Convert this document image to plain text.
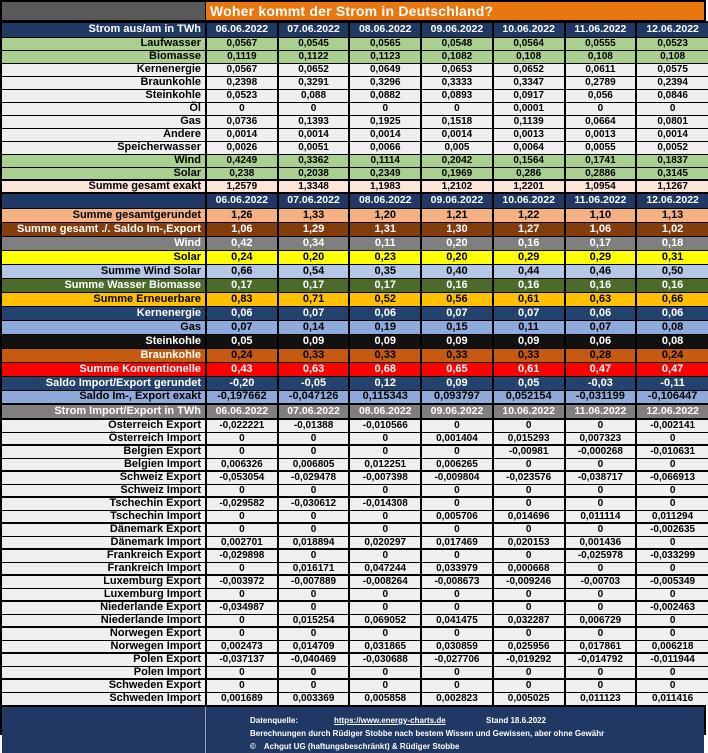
Woher kommt der Strom in Deutschland?
Strom aus/am in TWh	06.06.2022	07.06.2022	08.06.2022	09.06.2022	10.06.2022	11.06.2022	12.06.2022
Laufwasser	0,0567	0,0545	0,0565	0,0548	0,0564	0,0555	0,0523
Biomasse	0,1119	0,1122	0,1123	0,1082	0,108	0,108	0,108
Kernenergie	0,0567	0,0652	0,0649	0,0653	0,0652	0,0611	0,0575
Braunkohle	0,2398	0,3291	0,3296	0,3333	0,3347	0,2789	0,2394
Steinkohle	0,0523	0,088	0,0882	0,0893	0,0917	0,056	0,0846
Öl	0	0	0	0	0,0001	0	0
Gas	0,0736	0,1393	0,1925	0,1518	0,1139	0,0664	0,0801
Andere	0,0014	0,0014	0,0014	0,0014	0,0013	0,0013	0,0014
Speicherwasser	0,0026	0,0051	0,0066	0,005	0,0064	0,0055	0,0052
Wind	0,4249	0,3362	0,1114	0,2042	0,1564	0,1741	0,1837
Solar	0,238	0,2038	0,2349	0,1969	0,286	0,2886	0,3145
Summe gesamt exakt	1,2579	1,3348	1,1983	1,2102	1,2201	1,0954	1,1267
	06.06.2022	07.06.2022	08.06.2022	09.06.2022	10.06.2022	11.06.2022	12.06.2022
Summe gesamtgerundet	1,26	1,33	1,20	1,21	1,22	1,10	1,13
Summe gesamt ./. Saldo Im-,Export	1,06	1,29	1,31	1,30	1,27	1,06	1,02
Wind	0,42	0,34	0,11	0,20	0,16	0,17	0,18
Solar	0,24	0,20	0,23	0,20	0,29	0,29	0,31
Summe Wind Solar	0,66	0,54	0,35	0,40	0,44	0,46	0,50
Summe Wasser Biomasse	0,17	0,17	0,17	0,16	0,16	0,16	0,16
Summe Erneuerbare	0,83	0,71	0,52	0,56	0,61	0,63	0,66
Kernenergie	0,06	0,07	0,06	0,07	0,07	0,06	0,06
Gas	0,07	0,14	0,19	0,15	0,11	0,07	0,08
Steinkohle	0,05	0,09	0,09	0,09	0,09	0,06	0,08
Braunkohle	0,24	0,33	0,33	0,33	0,33	0,28	0,24
Summe Konventionelle	0,43	0,63	0,68	0,65	0,61	0,47	0,47
Saldo Import/Export gerundet	-0,20	-0,05	0,12	0,09	0,05	-0,03	-0,11
Saldo Im-, Export exakt	-0,197662	-0,047126	0,115343	0,093797	0,052154	-0,031199	-0,106447
Strom Import/Export in TWh	06.06.2022	07.06.2022	08.06.2022	09.06.2022	10.06.2022	11.06.2022	12.06.2022
Österreich Export	-0,022221	-0,01388	-0,010566	0	0	0	-0,002141
Österreich Import	0	0	0	0,001404	0,015293	0,007323	0
Belgien Export	0	0	0	0	-0,00981	-0,000268	-0,010631
Belgien Import	0,006326	0,006805	0,012251	0,006265	0	0	0
Schweiz Export	-0,053054	-0,029478	-0,007398	-0,009804	-0,023576	-0,038717	-0,066913
Schweiz Import	0	0	0	0	0	0	0
Tschechin Export	-0,029582	-0,030612	-0,014308	0	0	0	0
Tschechin Import	0	0	0	0,005706	0,014696	0,011114	0,011294
Dänemark Export	0	0	0	0	0	0	-0,002635
Dänemark Import	0,002701	0,018894	0,020297	0,017469	0,020153	0,001436	0
Frankreich Export	-0,029898	0	0	0	0	-0,025978	-0,033299
Frankreich Import	0	0,016171	0,047244	0,033979	0,000668	0	0
Luxemburg Export	-0,003972	-0,007889	-0,008264	-0,008673	-0,009246	-0,00703	-0,005349
Luxemburg Import	0	0	0	0	0	0	0
Niederlande Export	-0,034987	0	0	0	0	0	-0,002463
Niederlande Import	0	0,015254	0,069052	0,041475	0,032287	0,006729	0
Norwegen Export	0	0	0	0	0	0	0
Norwegen Import	0,002473	0,014709	0,031865	0,030859	0,025956	0,017861	0,006218
Polen Export	-0,037137	-0,040469	-0,030688	-0,027706	-0,019292	-0,014792	-0,011944
Polen Import	0	0	0	0	0	0	0
Schweden Export	0	0	0	0	0	0	0
Schweden Import	0,001689	0,003369	0,005858	0,002823	0,005025	0,011123	0,011416
Datenquelle:	https://www.energy-charts.de	Stand 18.6.2022
Berechnungen durch Rüdiger Stobbe nach bestem Wissen und Gewissen, aber ohne Gewähr
© Achgut UG (haftungsbeschränkt) & Rüdiger Stobbe
